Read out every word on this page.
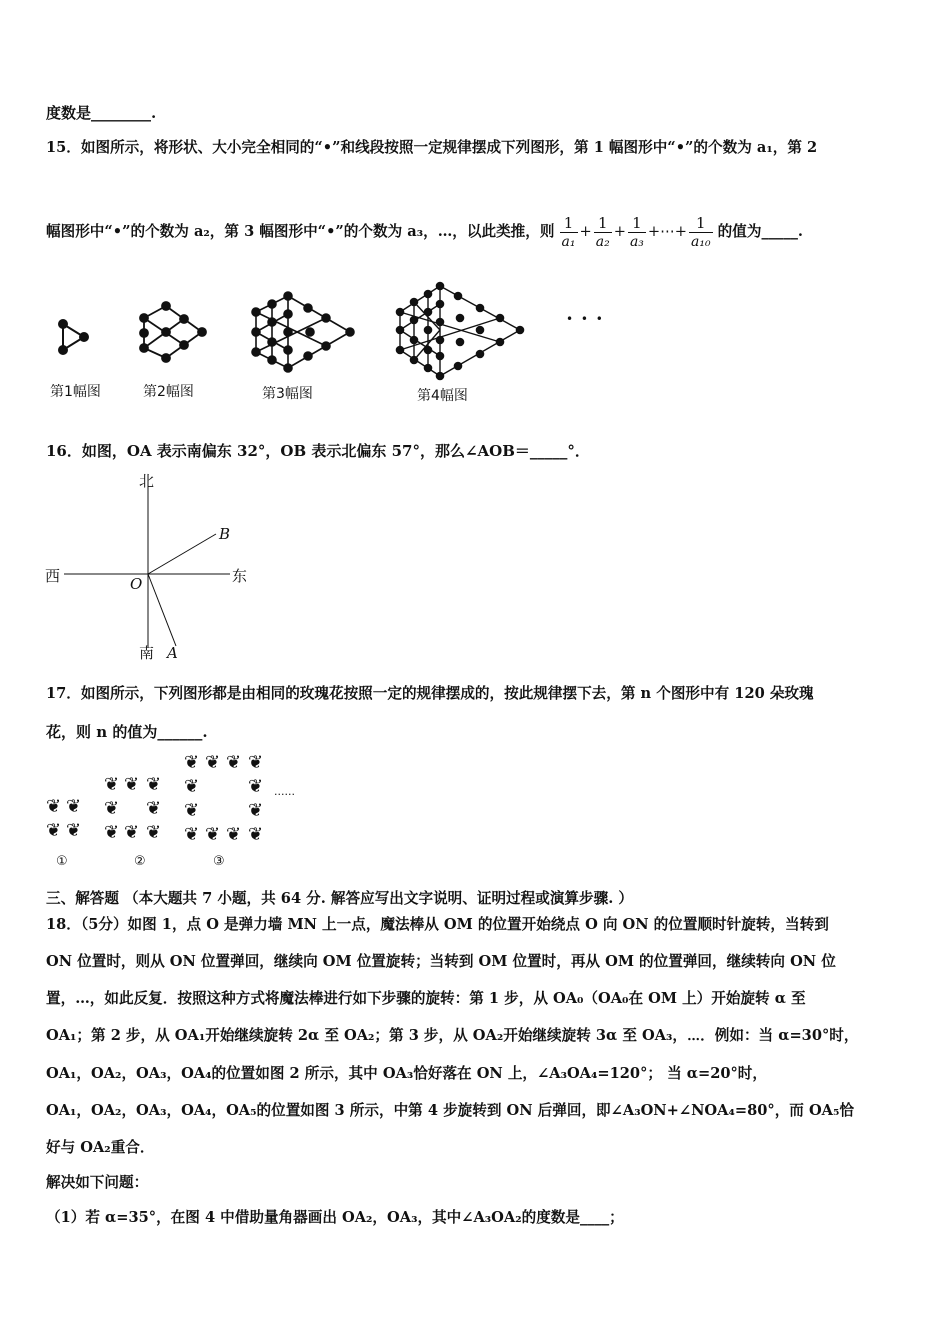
度数是________.
15．如图所示，将形状、大小完全相同的“•”和线段按照一定规律摆成下列图形，第 1 幅图形中“•”的个数为 a₁，第 2
幅图形中“•”的个数为 a₂，第 3 幅图形中“•”的个数为 a₃，…，以此类推，则 $\frac{1}{\text{a₁}} + \frac{1}{\text{a₂}} + \frac{1}{\text{a₃}}$ +⋯+ $\frac{1}{\text{a₁₀}}$ 的值为_____.
• • •
第1幅图	第2幅图	第3幅图	第4幅图
16．如图，OA 表示南偏东 32°，OB 表示北偏东 57°，那么∠AOB＝_____°．
北
南
西	东
O
A
B
17．如图所示，下列图形都是由相同的玫瑰花按照一定的规律摆成的，按此规律摆下去，第 n 个图形中有 120 朵玫瑰
花，则 n 的值为______.
❦ ❦
❦ ❦
❦ ❦ ❦
❦ ❦
❦ ❦ ❦
❦ ❦ ❦ ❦
❦	❦
❦	❦
❦ ❦ ❦ ❦
······
①	②	③
三、解答题 （本大题共 7 小题，共 64 分. 解答应写出文字说明、证明过程或演算步骤. ）
18．（5分）如图 1，点 O 是弹力墙 MN 上一点，魔法棒从 OM 的位置开始绕点 O 向 ON 的位置顺时针旋转，当转到
ON 位置时，则从 ON 位置弹回，继续向 OM 位置旋转；当转到 OM 位置时，再从 OM 的位置弹回，继续转向 ON 位
置，…，如此反复．按照这种方式将魔法棒进行如下步骤的旋转：第 1 步，从 OA₀（OA₀在 OM 上）开始旋转 α 至
OA₁；第 2 步，从 OA₁开始继续旋转 2α 至 OA₂；第 3 步，从 OA₂开始继续旋转 3α 至 OA₃，⋯．例如：当 α=30°时，
OA₁，OA₂，OA₃，OA₄的位置如图 2 所示，其中 OA₃恰好落在 ON 上，∠A₃OA₄=120°； 当 α=20°时，
OA₁，OA₂，OA₃，OA₄，OA₅的位置如图 3 所示，中第 4 步旋转到 ON 后弹回，即∠A₃ON+∠NOA₄=80°，而 OA₅恰
好与 OA₂重合．
解决如下问题：
（1）若 α=35°，在图 4 中借助量角器画出 OA₂，OA₃，其中∠A₃OA₂的度数是____；
